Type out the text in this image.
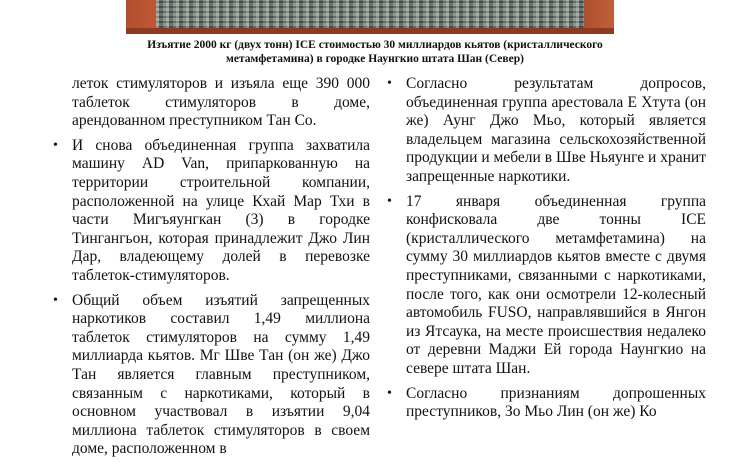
Изъятие 2000 кг (двух тонн) ICE стоимостью 30 миллиардов кьятов (кристаллического
метамфетамина) в городке Наунгкио штата Шан (Север)

леток стимуляторов и изъяла еще 390 000 таблеток стимуляторов в доме, арендованном преступником Тан Со.

• И снова объединенная группа захватила машину AD Van, припаркованную на территории строительной компании, расположенной на улице Кхай Мар Тхи в части Мигъяунгкан (3) в городке Тингангьон, которая принадлежит Джо Лин Дар, владеющему долей в перевозке таблеток-стимуляторов.
• Общий объем изъятий запрещенных наркотиков составил 1,49 миллиона таблеток стимуляторов на сумму 1,49 миллиарда кьятов. Мг Шве Тан (он же) Джо Тан является главным преступником, связанным с наркотиками, который в основном участвовал в изъятии 9,04 миллиона таблеток стимуляторов в своем доме, расположенном в
• Согласно результатам допросов, объединенная группа арестовала Е Хтута (он же) Аунг Джо Мьо, который является владельцем магазина сельскохозяйственной продукции и мебели в Шве Ньяунге и хранит запрещенные наркотики.
• 17 января объединенная группа конфисковала две тонны ICE (кристаллического метамфетамина) на сумму 30 миллиардов кьятов вместе с двумя преступниками, связанными с наркотиками, после того, как они осмотрели 12-колесный автомобиль FUSO, направлявшийся в Янгон из Ятсаука, на месте происшествия недалеко от деревни Маджи Ей города Наунгкио на севере штата Шан.
• Согласно признаниям допрошенных преступников, Зо Мьо Лин (он же) Ко
